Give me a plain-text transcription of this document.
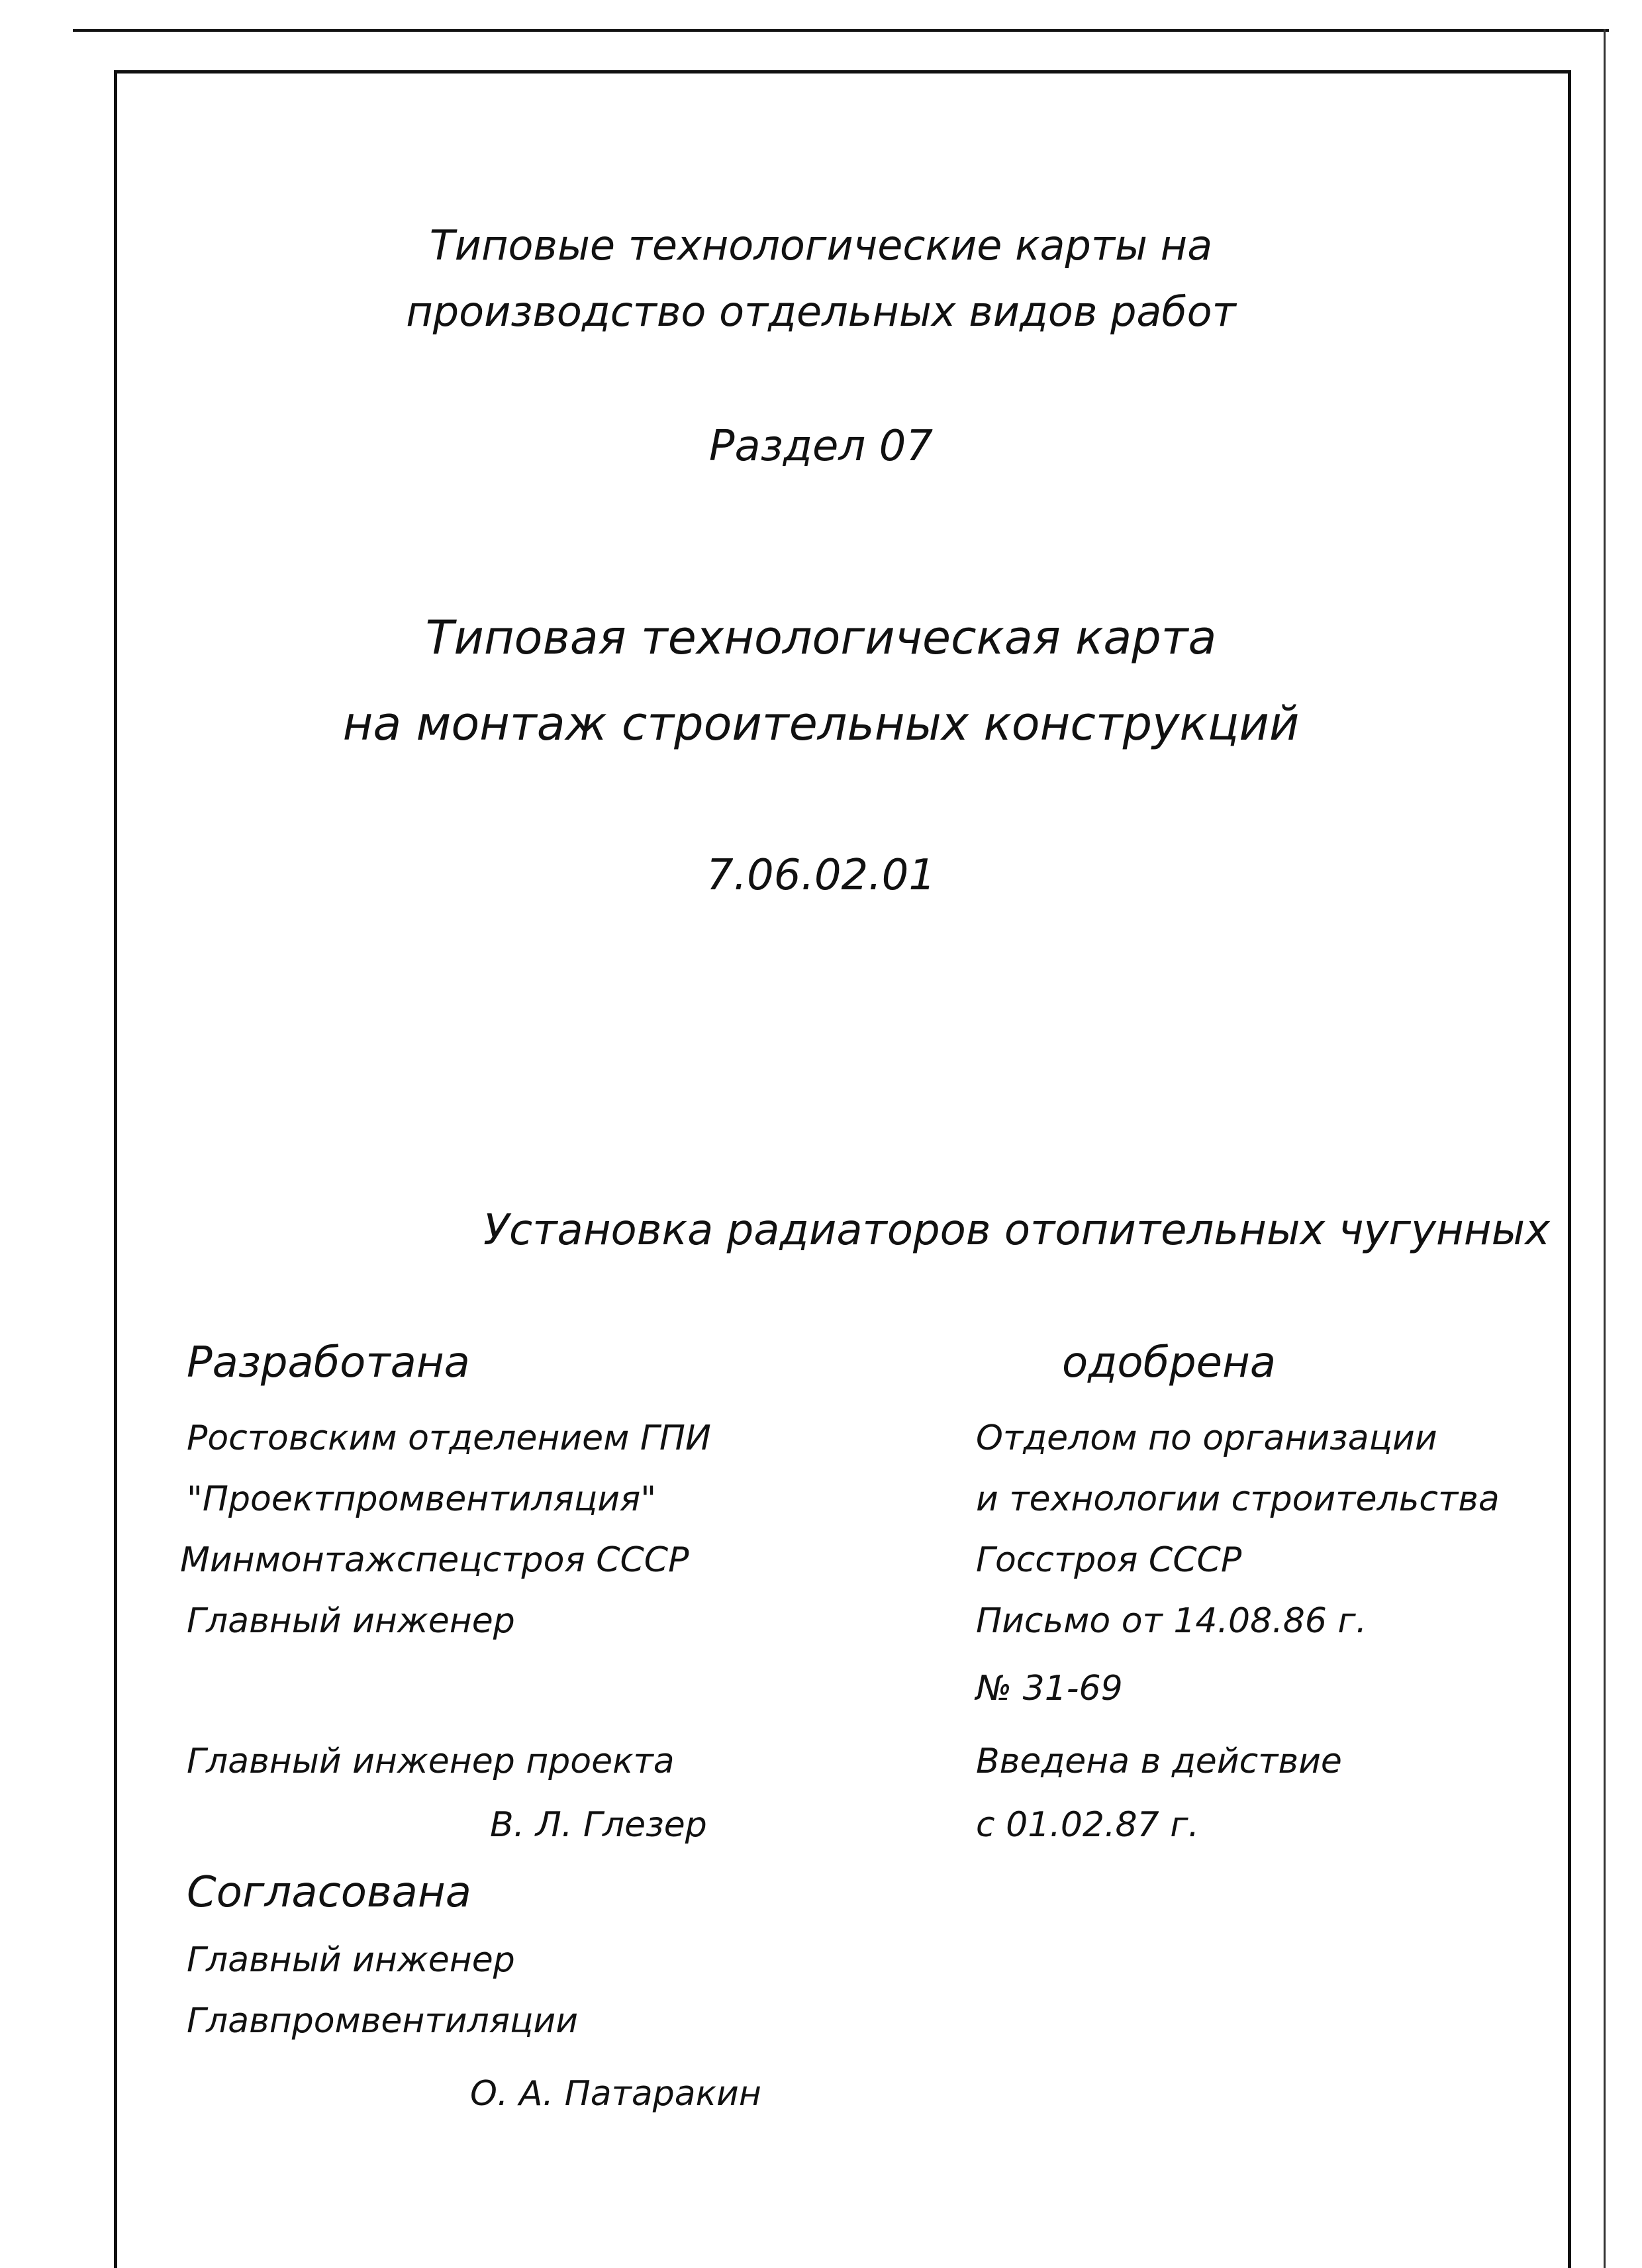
Типовые технологические карты на

производство отдельных видов работ

Раздел 07

Типовая технологическая карта

на монтаж строительных конструкций

7.06.02.01

Установка радиаторов отопительных чугунных

Разработана

Ростовским отделением ГПИ

"Проектпромвентиляция"

Минмонтажспецстроя СССР

Главный инженер

Главный инженер проекта

В. Л. Глезер

одобрена

Отделом по организации

и технологии строительства

Госстроя СССР

Письмо от 14.08.86 г.

№ 31-69

Введена в действие

с 01.02.87 г.

Согласована

Главный инженер

Главпромвентиляции

О. А. Патаракин
